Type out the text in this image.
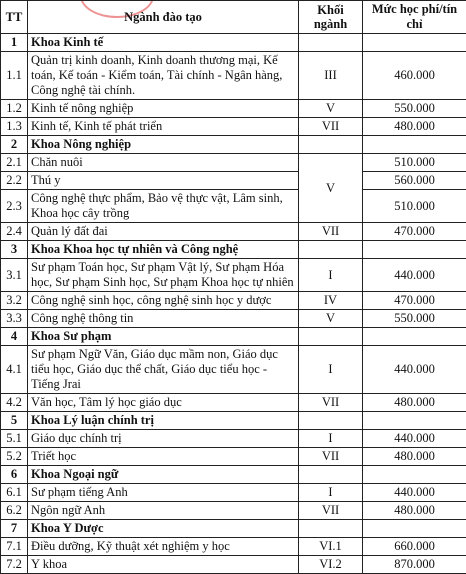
TT	Ngành đào tạo	Khối ngành	Mức học phí/tín chỉ
1	Khoa Kinh tế		
1.1	Quản trị kinh doanh, Kinh doanh thương mại, Kế toán, Kế toán - Kiểm toán, Tài chính - Ngân hàng, Công nghệ tài chính.	III	460.000
1.2	Kinh tế nông nghiệp	V	550.000
1.3	Kinh tế, Kinh tế phát triển	VII	480.000
2	Khoa Nông nghiệp		
2.1	Chăn nuôi	V	510.000
2.2	Thú y		560.000
2.3	Công nghệ thực phẩm, Bảo vệ thực vật, Lâm sinh, Khoa học cây trồng		510.000
2.4	Quản lý đất đai	VII	470.000
3	Khoa Khoa học tự nhiên và Công nghệ		
3.1	Sư phạm Toán học, Sư phạm Vật lý, Sư phạm Hóa học, Sư phạm Sinh học, Sư phạm Khoa học tự nhiên	I	440.000
3.2	Công nghệ sinh học, công nghệ sinh học y dược	IV	470.000
3.3	Công nghệ thông tin	V	550.000
4	Khoa Sư phạm		
4.1	Sư phạm Ngữ Văn, Giáo dục mầm non, Giáo dục tiểu học, Giáo dục thể chất, Giáo dục tiểu học - Tiếng Jrai	I	440.000
4.2	Văn học, Tâm lý học giáo dục	VII	480.000
5	Khoa Lý luận chính trị		
5.1	Giáo dục chính trị	I	440.000
5.2	Triết học	VII	480.000
6	Khoa Ngoại ngữ		
6.1	Sư phạm tiếng Anh	I	440.000
6.2	Ngôn ngữ Anh	VII	480.000
7	Khoa Y Dược		
7.1	Điều dưỡng, Kỹ thuật xét nghiệm y học	VI.1	660.000
7.2	Y khoa	VI.2	870.000
